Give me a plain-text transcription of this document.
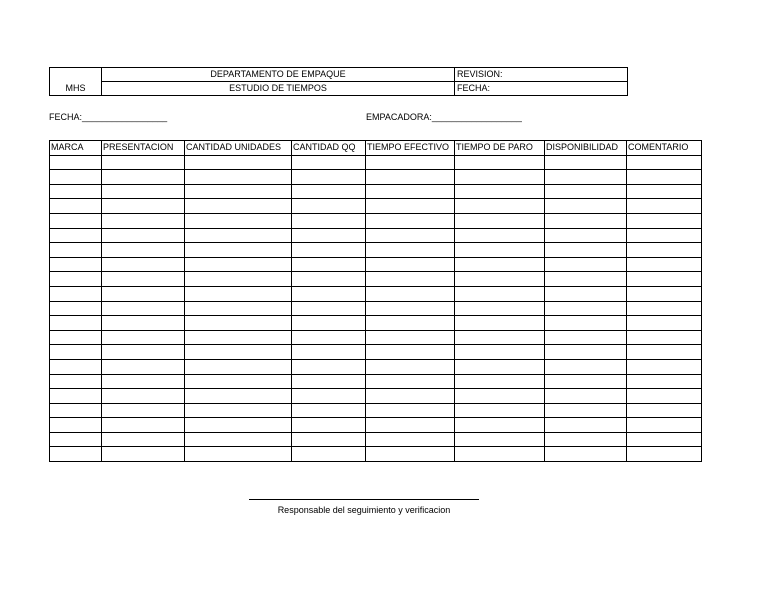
MHS	DEPARTAMENTO DE EMPAQUE	REVISION:
	ESTUDIO DE TIEMPOS	FECHA:
FECHA:_________________	EMPACADORA:__________________
MARCA	PRESENTACION	CANTIDAD UNIDADES	CANTIDAD QQ	TIEMPO EFECTIVO	TIEMPO DE PARO	DISPONIBILIDAD	COMENTARIO

Responsable del seguimiento y verificacion
